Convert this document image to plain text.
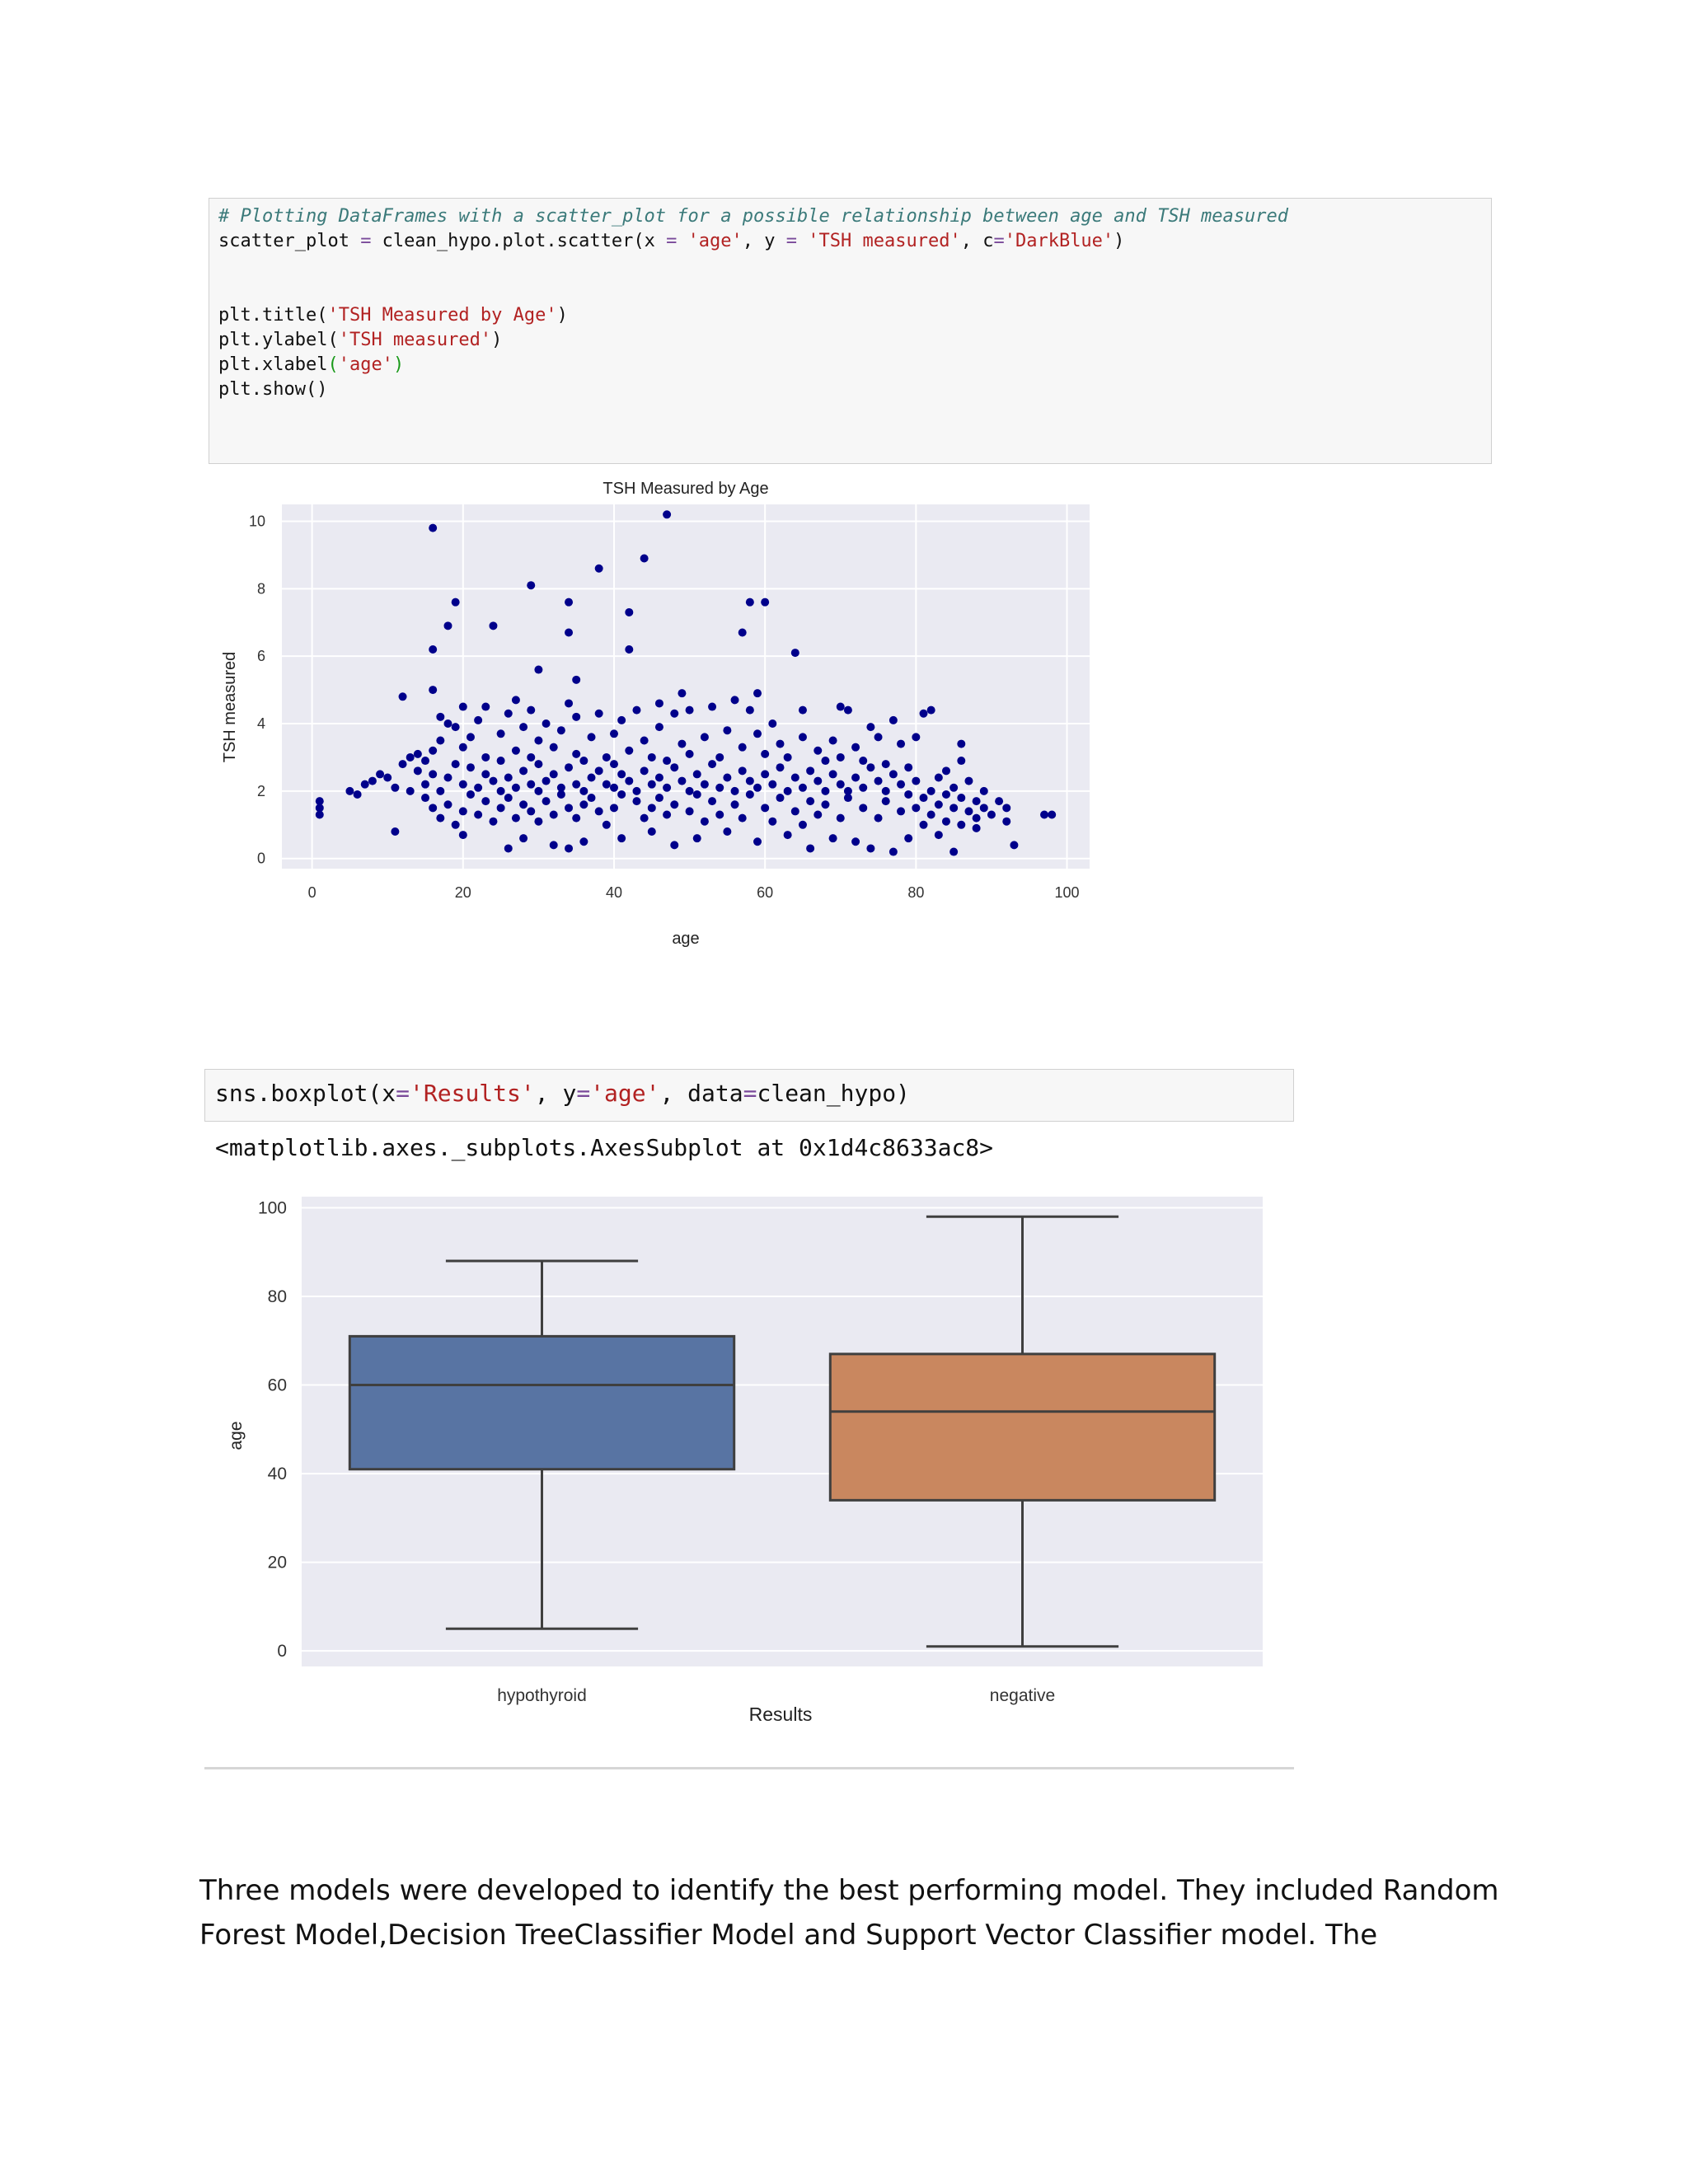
# Plotting DataFrames with a scatter_plot for a possible relationship between age and TSH measured
scatter_plot = clean_hypo.plot.scatter(x = 'age', y = 'TSH measured', c='DarkBlue')
plt.title('TSH Measured by Age')
plt.ylabel('TSH measured')
plt.xlabel('age')
plt.show()
0	20	40	60	80	100
0
2
4
6
8
10
TSH Measured by Age
age
TSH measured
sns.boxplot(x='Results', y='age', data=clean_hypo)
<matplotlib.axes._subplots.AxesSubplot at 0x1d4c8633ac8>
0
20
40
60
80
100
hypothyroid	negative
Results
age
Three models were developed to identify the best performing model. They included Random
Forest Model,Decision TreeClassifier Model and Support Vector Classifier model. The
